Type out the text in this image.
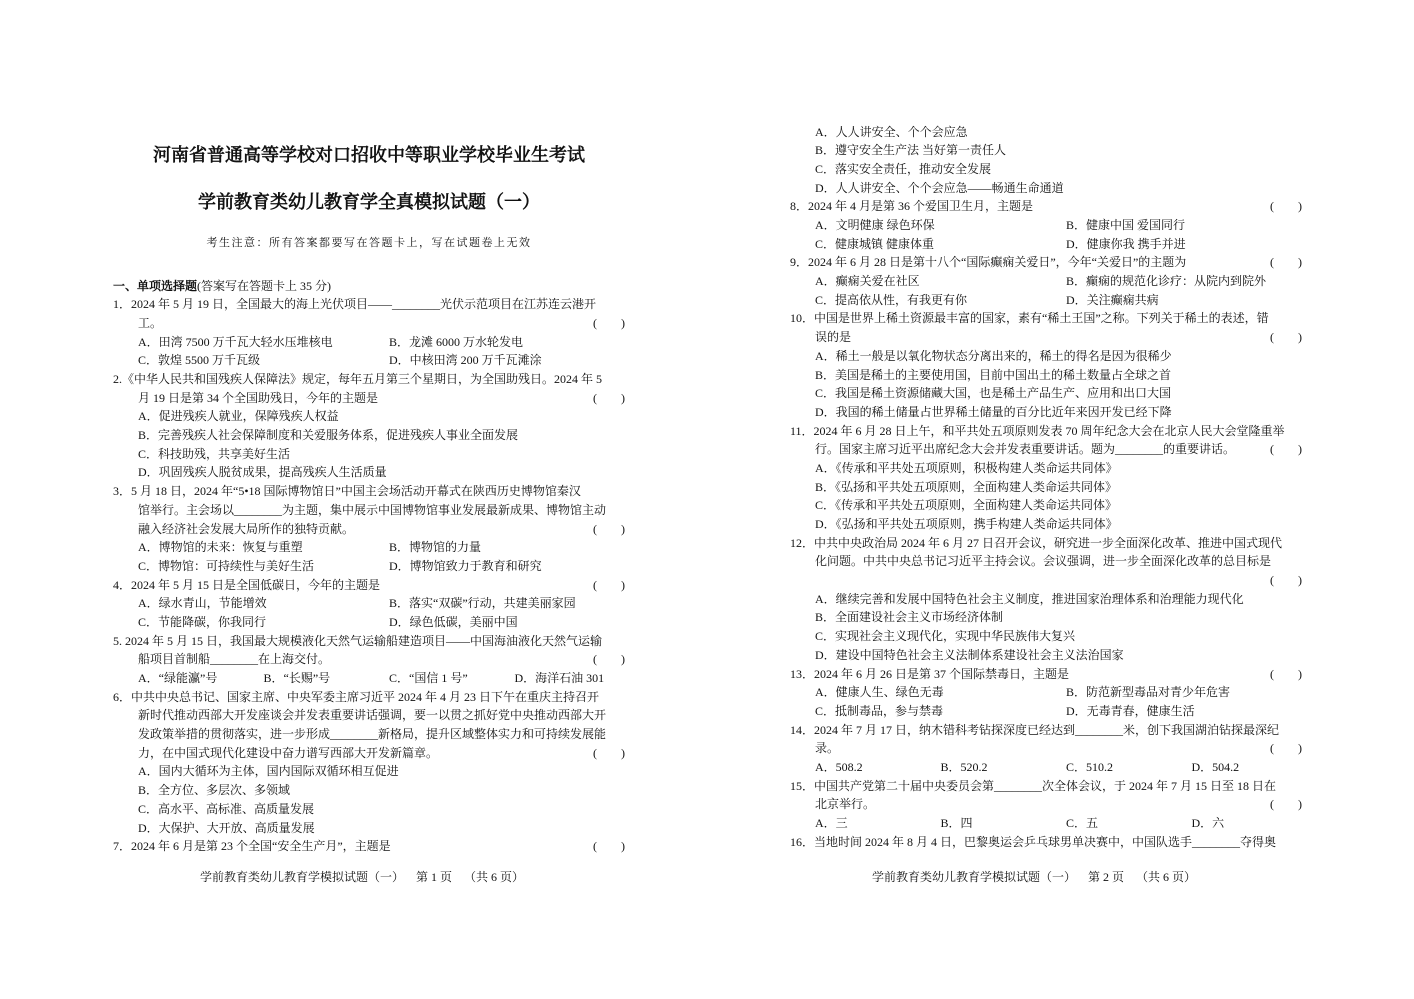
河南省普通高等学校对口招收中等职业学校毕业生考试
学前教育类幼儿教育学全真模拟试题（一）
考生注意：所有答案都要写在答题卡上，写在试题卷上无效
一、单项选择题(答案写在答题卡上 35 分)
1．2024 年 5 月 19 日，全国最大的海上光伏项目——________光伏示范项目在江苏连云港开
工。	(        )
A．田湾 7500 万千瓦大轻水压堆核电	B．龙滩 6000 万水轮发电
C．敦煌 5500 万千瓦级	D．中核田湾 200 万千瓦滩涂
2.《中华人民共和国残疾人保障法》规定，每年五月第三个星期日，为全国助残日。2024 年 5
月 19 日是第 34 个全国助残日，今年的主题是	(        )
A．促进残疾人就业，保障残疾人权益
B．完善残疾人社会保障制度和关爱服务体系，促进残疾人事业全面发展
C．科技助残，共享美好生活
D．巩固残疾人脱贫成果，提高残疾人生活质量
3．5 月 18 日，2024 年“5•18 国际博物馆日”中国主会场活动开幕式在陕西历史博物馆秦汉
馆举行。主会场以________为主题，集中展示中国博物馆事业发展最新成果、博物馆主动
融入经济社会发展大局所作的独特贡献。	(        )
A．博物馆的未来：恢复与重塑	B．博物馆的力量
C．博物馆：可持续性与美好生活	D．博物馆致力于教育和研究
4．2024 年 5 月 15 日是全国低碳日，今年的主题是	(        )
A．绿水青山，节能增效	B．落实“双碳”行动，共建美丽家园
C．节能降碳，你我同行	D．绿色低碳，美丽中国
5. 2024 年 5 月 15 日，我国最大规模液化天然气运输船建造项目——中国海油液化天然气运输
船项目首制船________在上海交付。	(        )
A．“绿能瀛”号	B．“长赐”号	C．“国信 1 号”	D．海洋石油 301
6．中共中央总书记、国家主席、中央军委主席习近平 2024 年 4 月 23 日下午在重庆主持召开
新时代推动西部大开发座谈会并发表重要讲话强调，要一以贯之抓好党中央推动西部大开
发政策举措的贯彻落实，进一步形成________新格局，提升区域整体实力和可持续发展能
力，在中国式现代化建设中奋力谱写西部大开发新篇章。	(        )
A．国内大循环为主体，国内国际双循环相互促进
B．全方位、多层次、多领域
C．高水平、高标准、高质量发展
D．大保护、大开放、高质量发展
7．2024 年 6 月是第 23 个全国“安全生产月”，主题是	(        )
A．人人讲安全、个个会应急
B．遵守安全生产法 当好第一责任人
C．落实安全责任，推动安全发展
D．人人讲安全、个个会应急——畅通生命通道
8．2024 年 4 月是第 36 个爱国卫生月，主题是	(        )
A．文明健康 绿色环保	B．健康中国 爱国同行
C．健康城镇 健康体重	D．健康你我 携手并进
9．2024 年 6 月 28 日是第十八个“国际癫痫关爱日”，今年“关爱日”的主题为	(        )
A．癫痫关爱在社区	B．癫痫的规范化诊疗：从院内到院外
C．提高依从性，有我更有你	D．关注癫痫共病
10．中国是世界上稀土资源最丰富的国家，素有“稀土王国”之称。下列关于稀土的表述，错
误的是	(        )
A．稀土一般是以氧化物状态分离出来的，稀土的得名是因为很稀少
B．美国是稀土的主要使用国，目前中国出土的稀土数量占全球之首
C．我国是稀土资源储藏大国，也是稀土产品生产、应用和出口大国
D．我国的稀土储量占世界稀土储量的百分比近年来因开发已经下降
11．2024 年 6 月 28 日上午，和平共处五项原则发表 70 周年纪念大会在北京人民大会堂隆重举
行。国家主席习近平出席纪念大会并发表重要讲话。题为________的重要讲话。	(        )
A．《传承和平共处五项原则，积极构建人类命运共同体》
B．《弘扬和平共处五项原则，全面构建人类命运共同体》
C．《传承和平共处五项原则，全面构建人类命运共同体》
D．《弘扬和平共处五项原则，携手构建人类命运共同体》
12．中共中央政治局 2024 年 6 月 27 日召开会议，研究进一步全面深化改革、推进中国式现代
化问题。中共中央总书记习近平主持会议。会议强调，进一步全面深化改革的总目标是
(        )
A．继续完善和发展中国特色社会主义制度，推进国家治理体系和治理能力现代化
B．全面建设社会主义市场经济体制
C．实现社会主义现代化，实现中华民族伟大复兴
D．建设中国特色社会主义法制体系建设社会主义法治国家
13．2024 年 6 月 26 日是第 37 个国际禁毒日，主题是	(        )
A．健康人生、绿色无毒	B．防范新型毒品对青少年危害
C．抵制毒品，参与禁毒	D．无毒青春，健康生活
14．2024 年 7 月 17 日，纳木错科考钻探深度已经达到________米，创下我国湖泊钻探最深纪
录。	(        )
A．508.2	B．520.2	C．510.2	D．504.2
15．中国共产党第二十届中央委员会第________次全体会议，于 2024 年 7 月 15 日至 18 日在
北京举行。	(        )
A．三	B．四	C．五	D．六
16．当地时间 2024 年 8 月 4 日，巴黎奥运会乒乓球男单决赛中，中国队选手________夺得奥
学前教育类幼儿教育学模拟试题（一） 第 1 页 （共 6 页）	学前教育类幼儿教育学模拟试题（一） 第 2 页 （共 6 页）
